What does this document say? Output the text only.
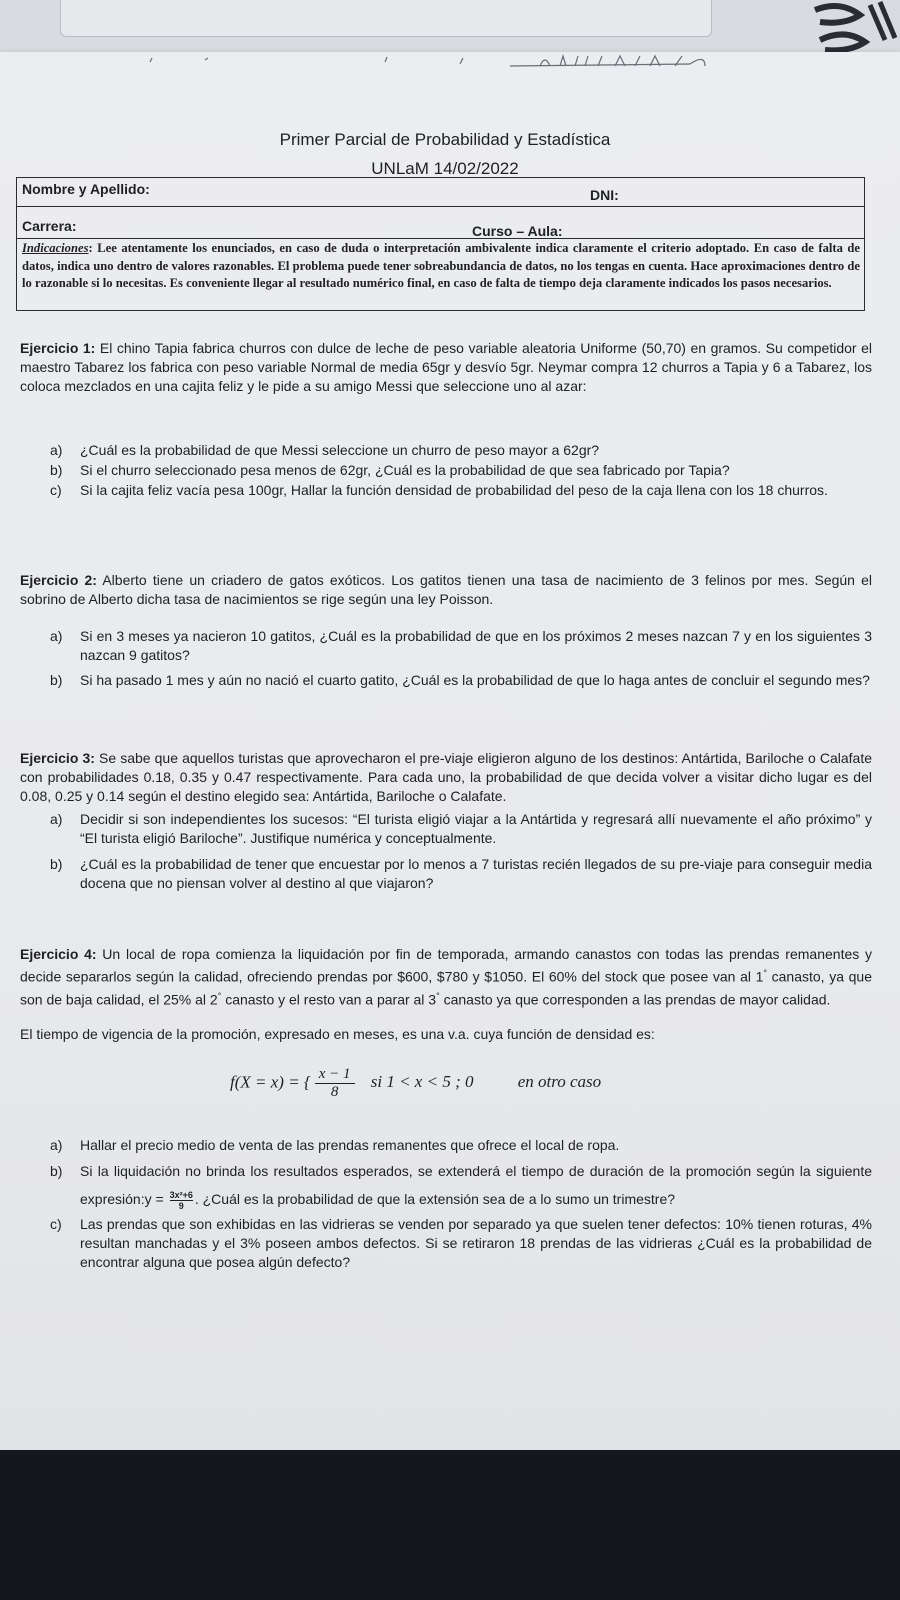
Primer Parcial de Probabilidad y Estadística
UNLaM 14/02/2022
Nombre y Apellido:	DNI:
Carrera:	Curso – Aula:
Indicaciones: Lee atentamente los enunciados, en caso de duda o interpretación ambivalente indica claramente el criterio adoptado. En caso de falta de datos, indica uno dentro de valores razonables. El problema puede tener sobreabundancia de datos, no los tengas en cuenta. Hace aproximaciones dentro de lo razonable si lo necesitas. Es conveniente llegar al resultado numérico final, en caso de falta de tiempo deja claramente indicados los pasos necesarios.
Ejercicio 1: El chino Tapia fabrica churros con dulce de leche de peso variable aleatoria Uniforme (50,70) en gramos. Su competidor el maestro Tabarez los fabrica con peso variable Normal de media 65gr y desvío 5gr. Neymar compra 12 churros a Tapia y 6 a Tabarez, los coloca mezclados en una cajita feliz y le pide a su amigo Messi que seleccione uno al azar:
a) ¿Cuál es la probabilidad de que Messi seleccione un churro de peso mayor a 62gr?
b) Si el churro seleccionado pesa menos de 62gr, ¿Cuál es la probabilidad de que sea fabricado por Tapia?
c) Si la cajita feliz vacía pesa 100gr, Hallar la función densidad de probabilidad del peso de la caja llena con los 18 churros.
Ejercicio 2: Alberto tiene un criadero de gatos exóticos. Los gatitos tienen una tasa de nacimiento de 3 felinos por mes. Según el sobrino de Alberto dicha tasa de nacimientos se rige según una ley Poisson.
a) Si en 3 meses ya nacieron 10 gatitos, ¿Cuál es la probabilidad de que en los próximos 2 meses nazcan 7 y en los siguientes 3 nazcan 9 gatitos?
b) Si ha pasado 1 mes y aún no nació el cuarto gatito, ¿Cuál es la probabilidad de que lo haga antes de concluir el segundo mes?
Ejercicio 3: Se sabe que aquellos turistas que aprovecharon el pre-viaje eligieron alguno de los destinos: Antártida, Bariloche o Calafate con probabilidades 0.18, 0.35 y 0.47 respectivamente. Para cada uno, la probabilidad de que decida volver a visitar dicho lugar es del 0.08, 0.25 y 0.14 según el destino elegido sea: Antártida, Bariloche o Calafate.
a) Decidir si son independientes los sucesos: “El turista eligió viajar a la Antártida y regresará allí nuevamente el año próximo” y “El turista eligió Bariloche”. Justifique numérica y conceptualmente.
b) ¿Cuál es la probabilidad de tener que encuestar por lo menos a 7 turistas recién llegados de su pre-viaje para conseguir media docena que no piensan volver al destino al que viajaron?
Ejercicio 4: Un local de ropa comienza la liquidación por fin de temporada, armando canastos con todas las prendas remanentes y decide separarlos según la calidad, ofreciendo prendas por $600, $780 y $1050. El 60% del stock que posee van al 1° canasto, ya que son de baja calidad, el 25% al 2° canasto y el resto van a parar al 3° canasto ya que corresponden a las prendas de mayor calidad.
El tiempo de vigencia de la promoción, expresado en meses, es una v.a. cuya función de densidad es:
f(X = x) = { $\frac{x - 1}{8}$ si 1 < x < 5 ; 0	en otro caso
a) Hallar el precio medio de venta de las prendas remanentes que ofrece el local de ropa.
b) Si la liquidación no brinda los resultados esperados, se extenderá el tiempo de duración de la promoción según la siguiente expresión:y = $\frac{\text{3x²+6}}{9}$ . ¿Cuál es la probabilidad de que la extensión sea de a lo sumo un trimestre?
c) Las prendas que son exhibidas en las vidrieras se venden por separado ya que suelen tener defectos: 10% tienen roturas, 4% resultan manchadas y el 3% poseen ambos defectos. Si se retiraron 18 prendas de las vidrieras ¿Cuál es la probabilidad de encontrar alguna que posea algún defecto?
